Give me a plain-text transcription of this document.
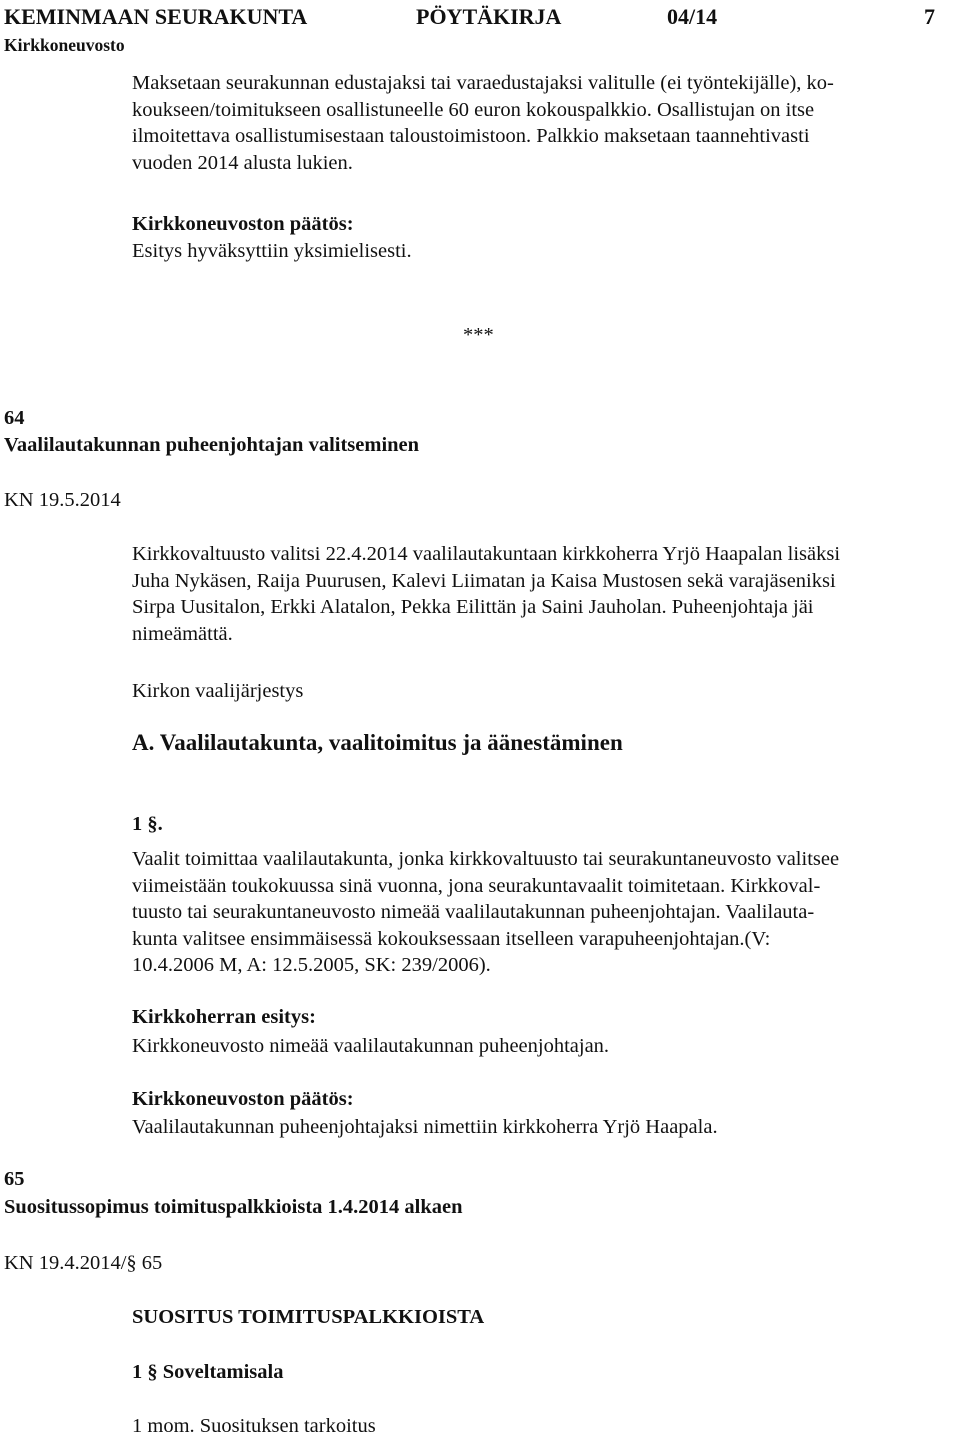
KEMINMAAN SEURAKUNTA	PÖYTÄKIRJA	04/14	7
Kirkkoneuvosto
Maksetaan seurakunnan edustajaksi tai varaedustajaksi valitulle (ei työntekijälle), ko-
koukseen/toimitukseen osallistuneelle 60 euron kokouspalkkio. Osallistujan on itse
ilmoitettava osallistumisestaan taloustoimistoon. Palkkio maksetaan taannehtivasti
vuoden 2014 alusta lukien.
Kirkkoneuvoston päätös:
Esitys hyväksyttiin yksimielisesti.
***
64
Vaalilautakunnan puheenjohtajan valitseminen
KN 19.5.2014
Kirkkovaltuusto valitsi 22.4.2014 vaalilautakuntaan kirkkoherra Yrjö Haapalan lisäksi
Juha Nykäsen, Raija Puurusen, Kalevi Liimatan ja Kaisa Mustosen sekä varajäseniksi
Sirpa Uusitalon, Erkki Alatalon, Pekka Eilittän ja Saini Jauholan. Puheenjohtaja jäi
nimeämättä.
Kirkon vaalijärjestys
A. Vaalilautakunta, vaalitoimitus ja äänestäminen
1 §.
Vaalit toimittaa vaalilautakunta, jonka kirkkovaltuusto tai seurakuntaneuvosto valitsee
viimeistään toukokuussa sinä vuonna, jona seurakuntavaalit toimitetaan. Kirkkoval-
tuusto tai seurakuntaneuvosto nimeää vaalilautakunnan puheenjohtajan. Vaalilauta-
kunta valitsee ensimmäisessä kokouksessaan itselleen varapuheenjohtajan.(V:
10.4.2006 M, A: 12.5.2005, SK: 239/2006).
Kirkkoherran esitys:
Kirkkoneuvosto nimeää vaalilautakunnan puheenjohtajan.
Kirkkoneuvoston päätös:
Vaalilautakunnan puheenjohtajaksi nimettiin kirkkoherra Yrjö Haapala.
65
Suositussopimus toimituspalkkioista 1.4.2014 alkaen
KN 19.4.2014/§ 65
SUOSITUS TOIMITUSPALKKIOISTA
1 § Soveltamisala
1 mom. Suosituksen tarkoitus
